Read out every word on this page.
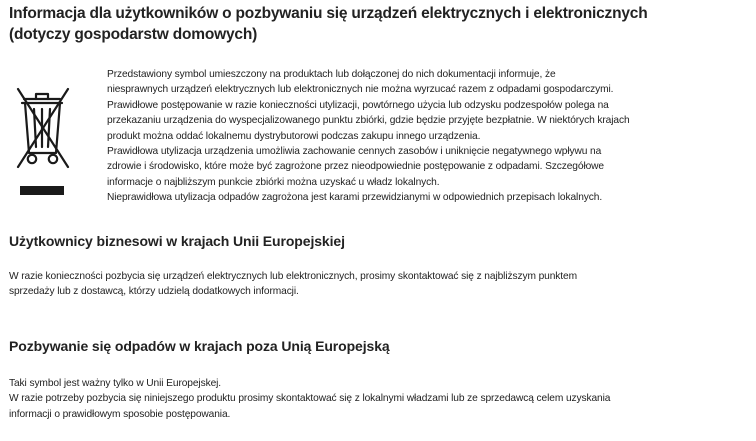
Informacja dla użytkowników o pozbywaniu się urządzeń elektrycznych i elektronicznych
(dotyczy gospodarstw domowych)
Przedstawiony symbol umieszczony na produktach lub dołączonej do nich dokumentacji informuje, że
niesprawnych urządzeń elektrycznych lub elektronicznych nie można wyrzucać razem z odpadami gospodarczymi.
Prawidłowe postępowanie w razie konieczności utylizacji, powtórnego użycia lub odzysku podzespołów polega na
przekazaniu urządzenia do wyspecjalizowanego punktu zbiórki, gdzie będzie przyjęte bezpłatnie. W niektórych krajach
produkt można oddać lokalnemu dystrybutorowi podczas zakupu innego urządzenia.
Prawidłowa utylizacja urządzenia umożliwia zachowanie cennych zasobów i uniknięcie negatywnego wpływu na
zdrowie i środowisko, które może być zagrożone przez nieodpowiednie postępowanie z odpadami. Szczegółowe
informacje o najbliższym punkcie zbiórki można uzyskać u władz lokalnych.
Nieprawidłowa utylizacja odpadów zagrożona jest karami przewidzianymi w odpowiednich przepisach lokalnych.
Użytkownicy biznesowi w krajach Unii Europejskiej
W razie konieczności pozbycia się urządzeń elektrycznych lub elektronicznych, prosimy skontaktować się z najbliższym punktem
sprzedaży lub z dostawcą, którzy udzielą dodatkowych informacji.
Pozbywanie się odpadów w krajach poza Unią Europejską
Taki symbol jest ważny tylko w Unii Europejskej.
W razie potrzeby pozbycia się niniejszego produktu prosimy skontaktować się z lokalnymi władzami lub ze sprzedawcą celem uzyskania
informacji o prawidłowym sposobie postępowania.
